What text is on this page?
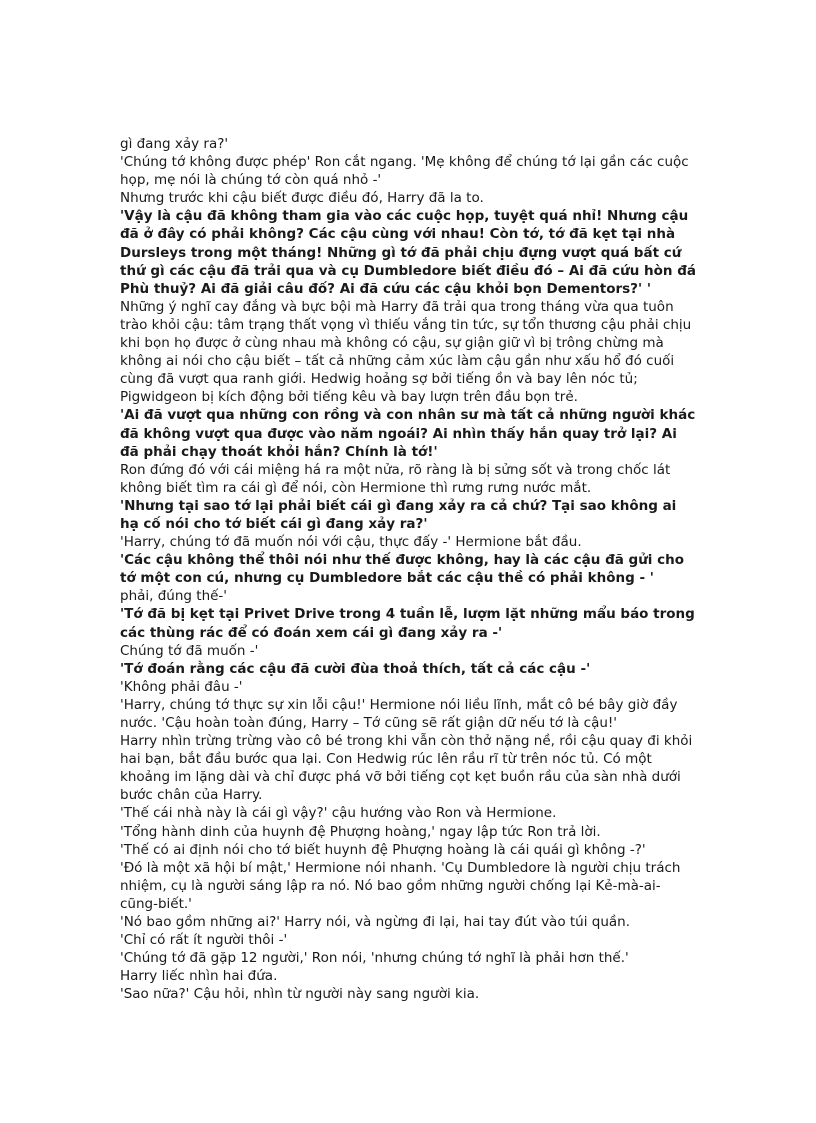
gì đang xảy ra?'

'Chúng tớ không được phép' Ron cắt ngang. 'Mẹ không để chúng tớ lại gần các cuộc họp, mẹ nói là chúng tớ còn quá nhỏ -'

Nhưng trước khi cậu biết được điều đó, Harry đã la to.

'Vậy là cậu đã không tham gia vào các cuộc họp, tuyệt quá nhỉ! Nhưng cậu đã ở đây có phải không? Các cậu cùng với nhau! Còn tớ, tớ đã kẹt tại nhà Dursleys trong một tháng! Những gì tớ đã phải chịu đựng vượt quá bất cứ thứ gì các cậu đã trải qua và cụ Dumbledore biết điều đó – Ai đã cứu hòn đá Phù thuỷ? Ai đã giải câu đố? Ai đã cứu các cậu khỏi bọn Dementors?' '

Những ý nghĩ cay đắng và bực bội mà Harry đã trải qua trong tháng vừa qua tuôn trào khỏi cậu: tâm trạng thất vọng vì thiếu vắng tin tức, sự tổn thương cậu phải chịu khi bọn họ được ở cùng nhau mà không có cậu, sự giận giữ vì bị trông chừng mà không ai nói cho cậu biết – tất cả những cảm xúc làm cậu gần như xấu hổ đó cuối cùng đã vượt qua ranh giới. Hedwig hoảng sợ bởi tiếng ồn và bay lên nóc tủ; Pigwidgeon bị kích động bởi tiếng kêu và bay lượn trên đầu bọn trẻ.

'Ai đã vượt qua những con rồng và con nhân sư mà tất cả những người khác đã không vượt qua được vào năm ngoái? Ai nhìn thấy hắn quay trở lại? Ai đã phải chạy thoát khỏi hắn? Chính là tớ!'

Ron đứng đó với cái miệng há ra một nửa, rõ ràng là bị sửng sốt và trong chốc lát không biết tìm ra cái gì để nói, còn Hermione thì rưng rưng nước mắt.

'Nhưng tại sao tớ lại phải biết cái gì đang xảy ra cả chứ? Tại sao không ai hạ cố nói cho tớ biết cái gì đang xảy ra?'

'Harry, chúng tớ đã muốn nói với cậu, thực đấy -' Hermione bắt đầu.

'Các cậu không thể thôi nói như thế được không, hay là các cậu đã gửi cho tớ một con cú, nhưng cụ Dumbledore bắt các cậu thề có phải không - '

phải, đúng thế-'

'Tớ đã bị kẹt tại Privet Drive trong 4 tuần lễ, lượm lặt những mẩu báo trong các thùng rác để có đoán xem cái gì đang xảy ra -'

Chúng tớ đã muốn -'

'Tớ đoán rằng các cậu đã cười đùa thoả thích, tất cả các cậu -'

'Không phải đâu -'

'Harry, chúng tớ thực sự xin lỗi cậu!' Hermione nói liều lĩnh, mắt cô bé bây giờ đầy nước. 'Cậu hoàn toàn đúng, Harry – Tớ cũng sẽ rất giận dữ nếu tớ là cậu!'

Harry nhìn trừng trừng vào cô bé trong khi vẫn còn thở nặng nề, rồi cậu quay đi khỏi hai bạn, bắt đầu bước qua lại. Con Hedwig rúc lên rầu rĩ từ trên nóc tủ. Có một khoảng im lặng dài và chỉ được phá vỡ bởi tiếng cọt kẹt buồn rầu của sàn nhà dưới bước chân của Harry.

'Thế cái nhà này là cái gì vậy?' cậu hướng vào Ron và Hermione.

'Tổng hành dinh của huynh đệ Phượng hoàng,' ngay lập tức Ron trả lời.

'Thế có ai định nói cho tớ biết huynh đệ Phượng hoàng là cái quái gì không -?'

'Đó là một xã hội bí mật,' Hermione nói nhanh. 'Cụ Dumbledore là người chịu trách nhiệm, cụ là người sáng lập ra nó. Nó bao gồm những người chống lại Kẻ-mà-ai-cũng-biết.'

'Nó bao gồm những ai?' Harry nói, và ngừng đi lại, hai tay đút vào túi quần.

'Chỉ có rất ít người thôi -'

'Chúng tớ đã gặp 12 người,' Ron nói, 'nhưng chúng tớ nghĩ là phải hơn thế.'

Harry liếc nhìn hai đứa.

'Sao nữa?' Cậu hỏi, nhìn từ người này sang người kia.
